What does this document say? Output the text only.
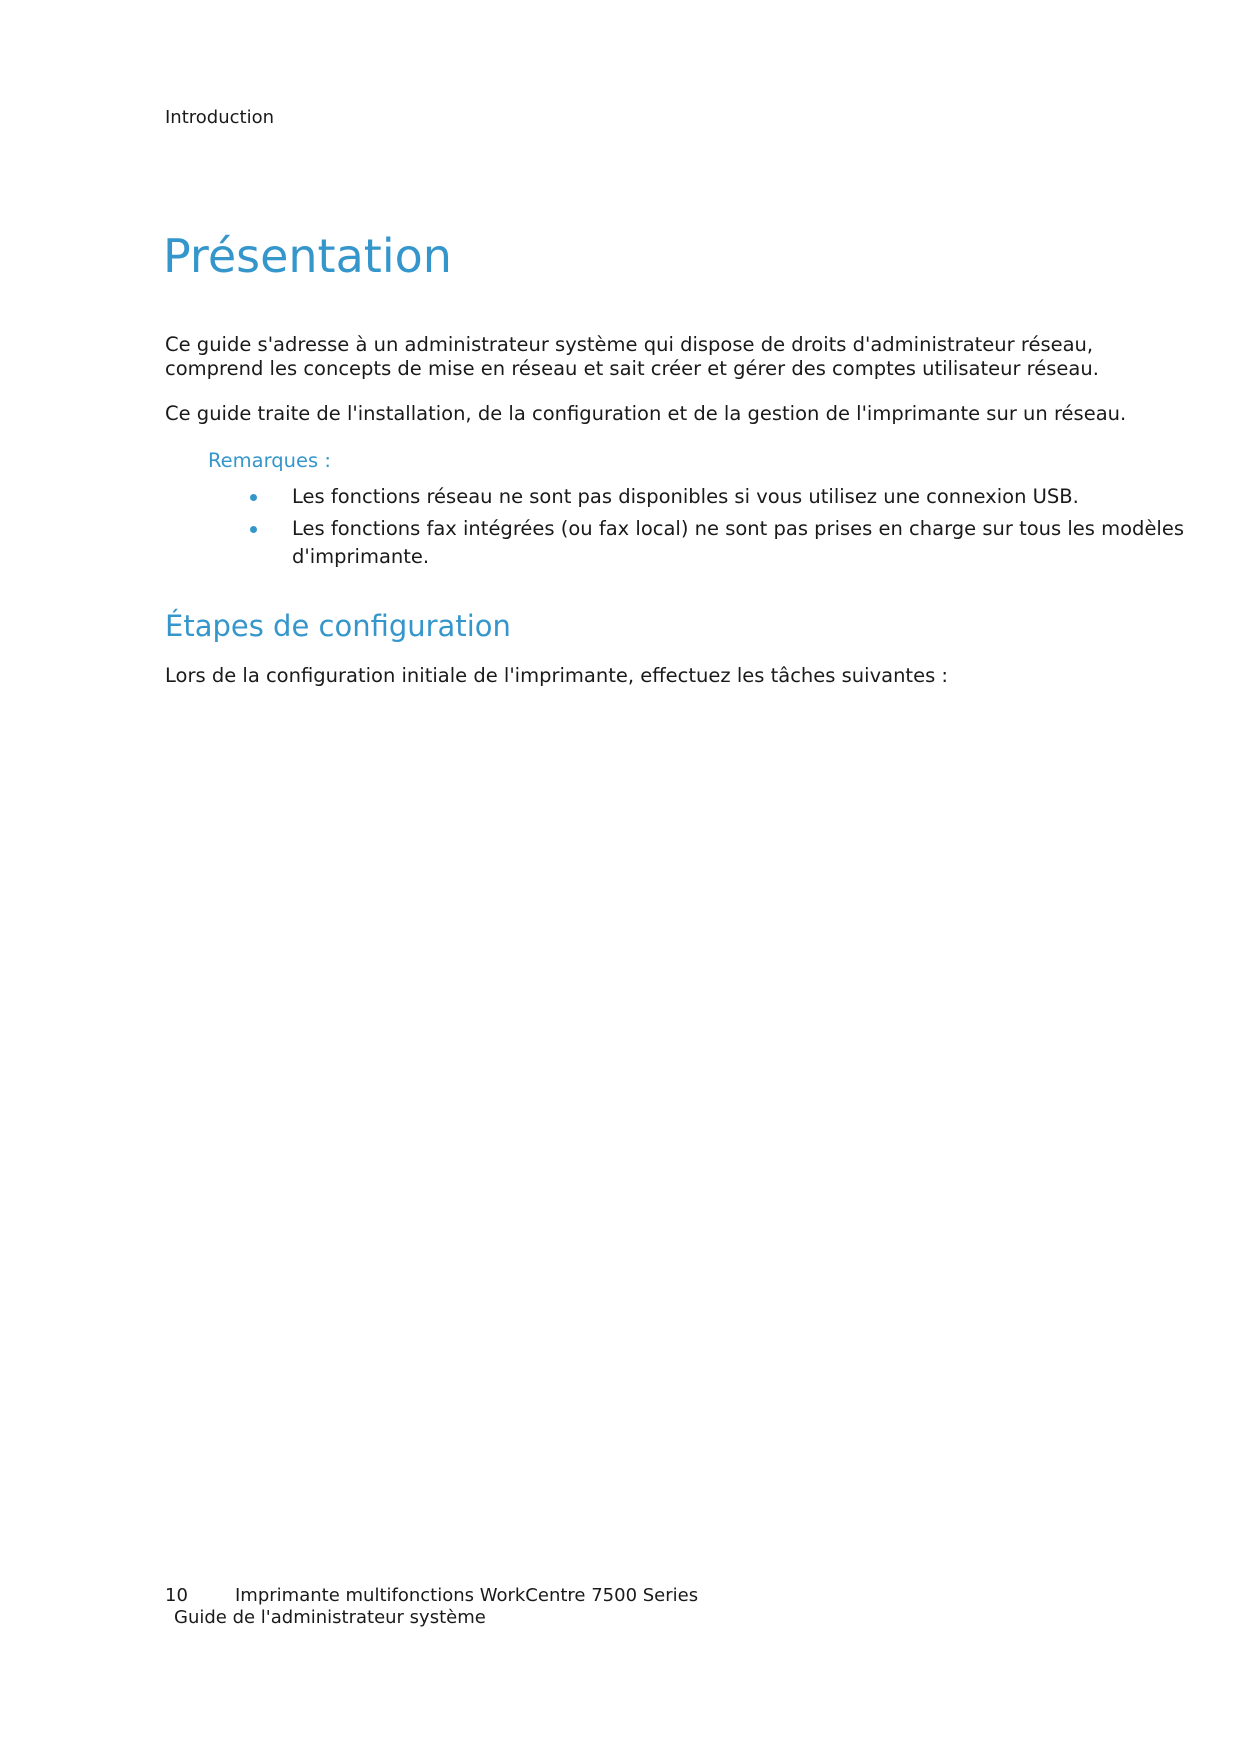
Introduction
Présentation

Ce guide s'adresse à un administrateur système qui dispose de droits d'administrateur réseau,
comprend les concepts de mise en réseau et sait créer et gérer des comptes utilisateur réseau.

Ce guide traite de l'installation, de la configuration et de la gestion de l'imprimante sur un réseau.

Remarques :
Les fonctions réseau ne sont pas disponibles si vous utilisez une connexion USB.
Les fonctions fax intégrées (ou fax local) ne sont pas prises en charge sur tous les modèles
d'imprimante.
Étapes de configuration

Lors de la configuration initiale de l'imprimante, effectuez les tâches suivantes :

10	Imprimante multifonctions WorkCentre 7500 Series
Guide de l'administrateur système
